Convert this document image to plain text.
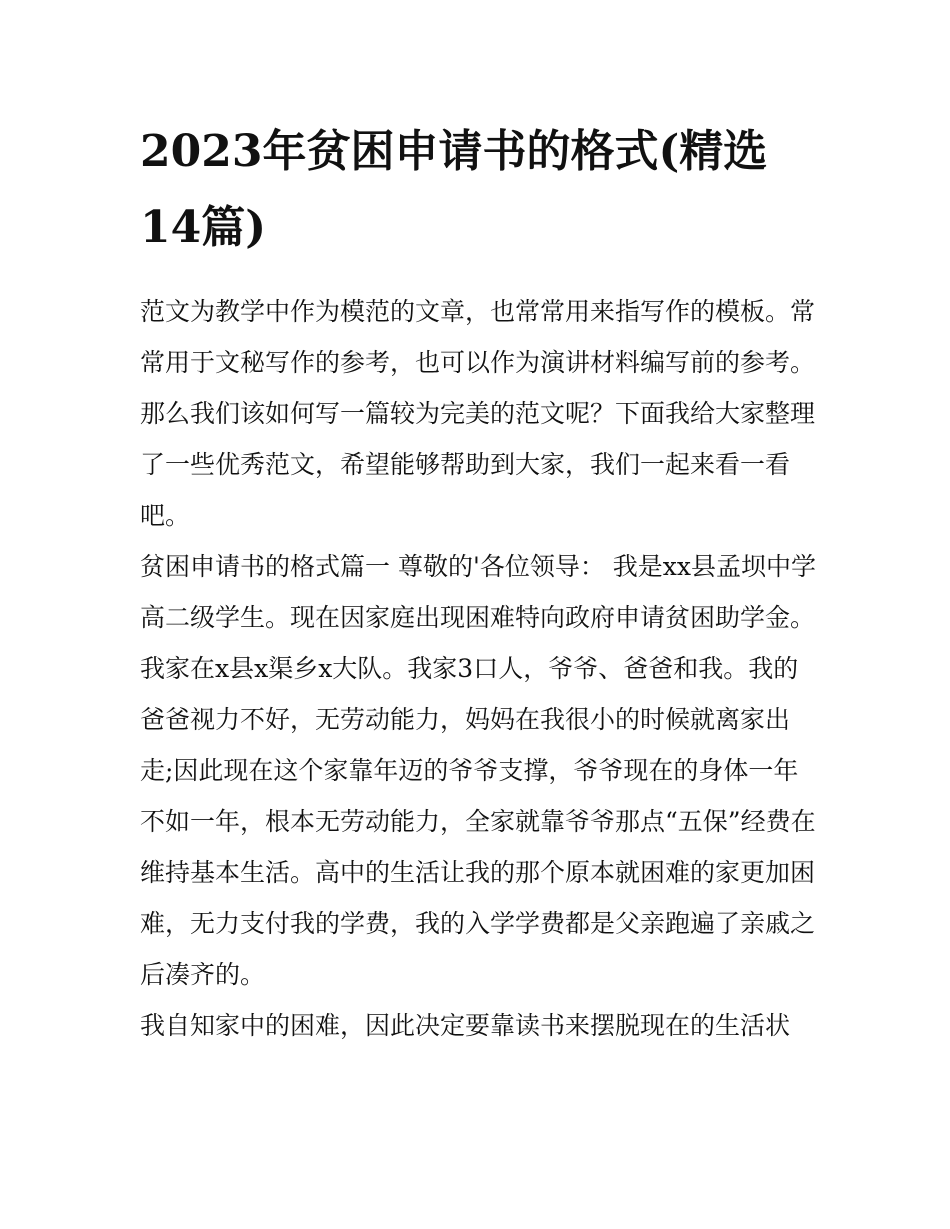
2023年贫困申请书的格式(精选14篇)

范文为教学中作为模范的文章，也常常用来指写作的模板。常常用于文秘写作的参考，也可以作为演讲材料编写前的参考。那么我们该如何写一篇较为完美的范文呢？下面我给大家整理了一些优秀范文，希望能够帮助到大家，我们一起来看一看吧。

贫困申请书的格式篇一 尊敬的'各位领导： 我是xx县孟坝中学高二级学生。现在因家庭出现困难特向政府申请贫困助学金。

我家在x县x渠乡x大队。我家3口人，爷爷、爸爸和我。我的爸爸视力不好，无劳动能力，妈妈在我很小的时候就离家出走;因此现在这个家靠年迈的爷爷支撑，爷爷现在的身体一年不如一年，根本无劳动能力，全家就靠爷爷那点“五保”经费在维持基本生活。高中的生活让我的那个原本就困难的家更加困难，无力支付我的学费，我的入学学费都是父亲跑遍了亲戚之后凑齐的。

我自知家中的困难，因此决定要靠读书来摆脱现在的生活状
